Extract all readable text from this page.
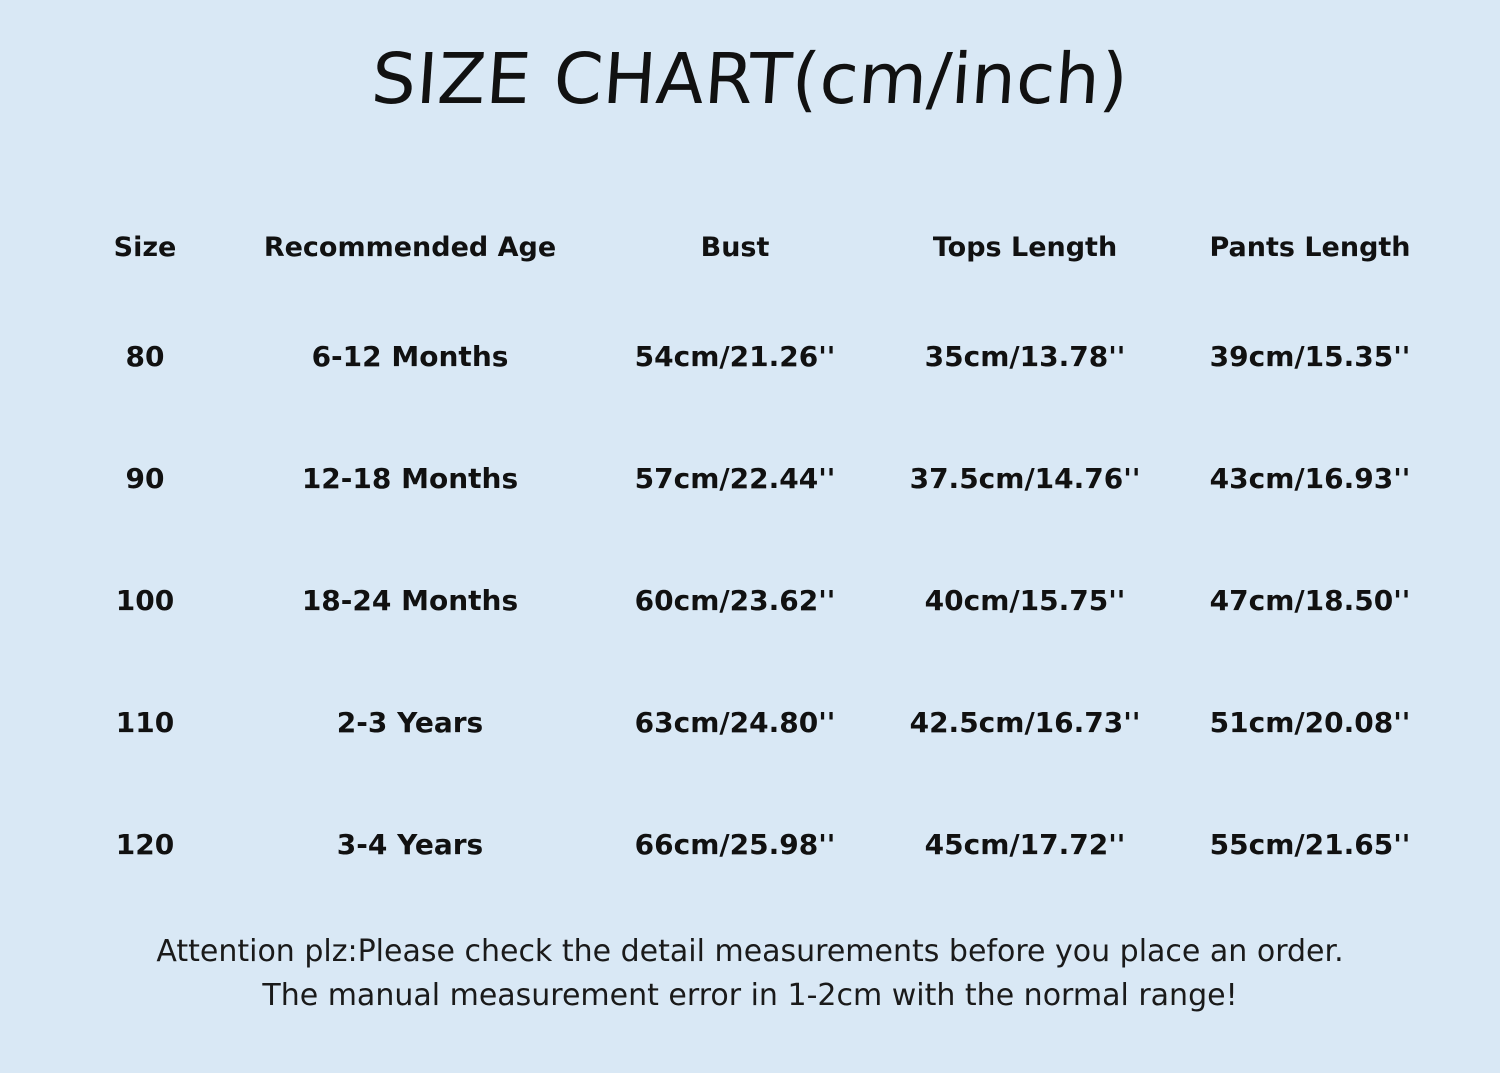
SIZE CHART(cm/inch)
Size	Recommended Age	Bust	Tops Length	Pants Length
80	6-12 Months	54cm/21.26''	35cm/13.78''	39cm/15.35''
90	12-18 Months	57cm/22.44''	37.5cm/14.76''	43cm/16.93''
100	18-24 Months	60cm/23.62''	40cm/15.75''	47cm/18.50''
110	2-3 Years	63cm/24.80''	42.5cm/16.73''	51cm/20.08''
120	3-4 Years	66cm/25.98''	45cm/17.72''	55cm/21.65''
Attention plz:Please check the detail measurements before you place an order.
The manual measurement error in 1-2cm with the normal range!
